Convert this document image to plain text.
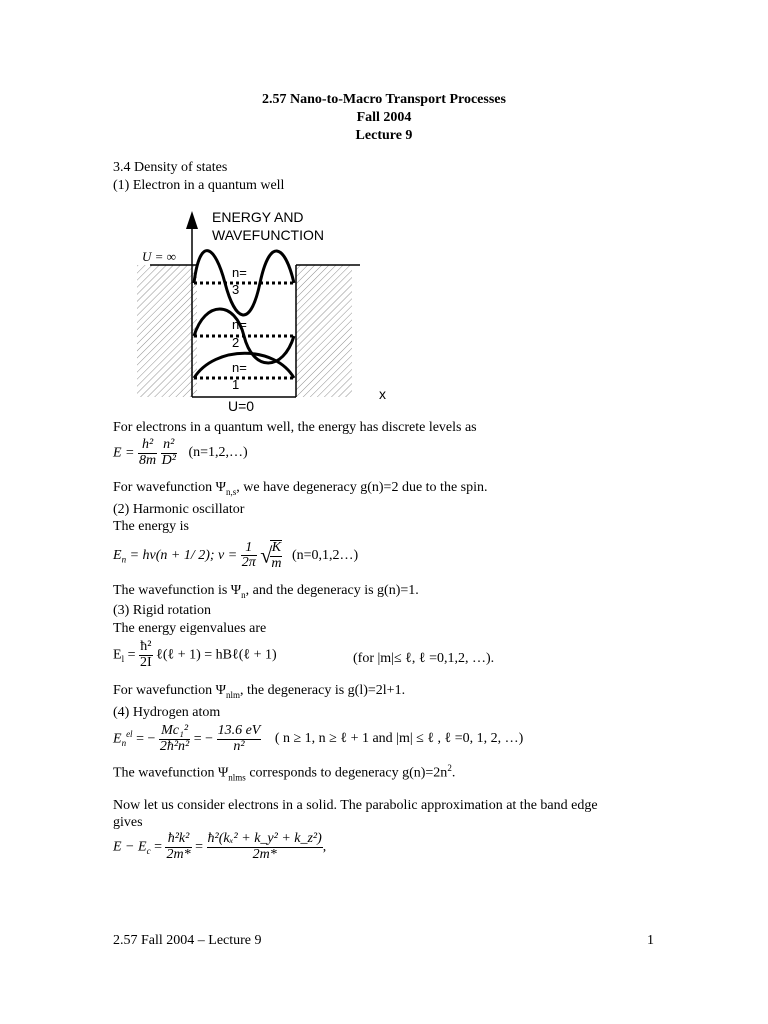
2.57 Nano-to-Macro Transport Processes
Fall 2004
Lecture 9
3.4 Density of states
(1) Electron in a quantum well
ENERGY AND
WAVEFUNCTION
U = ∞
n=
3
n=
2
n=
1
U=0
x
For electrons in a quantum well, the energy has discrete levels as
$E = \frac{\text{h²}}{8m}$
$\frac{\text{n²}}{\text{D²}}$ (n=1,2,…)
For wavefunction $\Psi_{n,s}$, we have degeneracy g(n)=2 due to the spin.
(2) Harmonic oscillator
The energy is
$E_n = h\nu(n + 1/$ 2); $\nu = \frac{1}{2\pi}$ √
$\frac{K}{m}$ (n=0,1,2…)
The wavefunction is $\Psi_n$, and the degeneracy is g(n)=1.
(3) Rigid rotation
The energy eigenvalues are
$E_l = \frac{\text{ħ²}}{2I}$ ℓ(ℓ + 1) = hBℓ(ℓ + 1)	(for |m|≤ ℓ, ℓ =0,1,2, …).
For wavefunction $\Psi_{nlm}$, the degeneracy is g(l)=2l+1.
(4) Hydrogen atom
$E_n^{el}$ = − $\frac{\text{Mc₁²}}{\text{2ħ²n²}}$ = − $\frac{13.6 eV}{\text{n²}}$ ( n ≥ 1, n ≥ ℓ + 1 and |m| ≤ ℓ , ℓ =0, 1, 2, …)
The wavefunction $\Psi_{nlms}$ corresponds to degeneracy $g(n)=2n^2$.
Now let us consider electrons in a solid. The parabolic approximation at the band edge
gives
$E - E_c = \frac{\text{ħ²k²}}{2m*} = \frac{\text{ħ²(kₓ² + k\_y² + k\_z²)}}{2m*}$ ,
2.57 Fall 2004 – Lecture 9	1
